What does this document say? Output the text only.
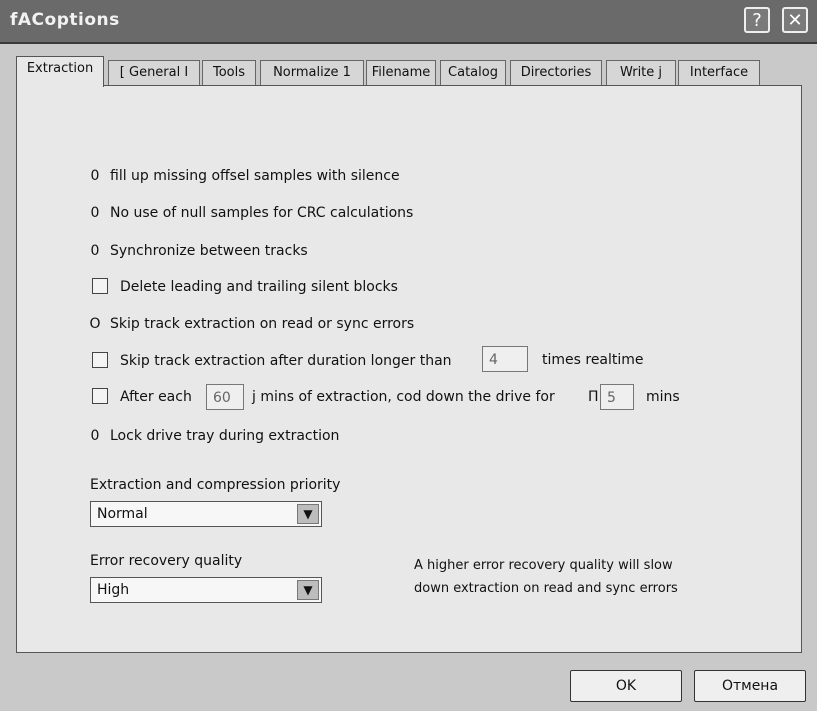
fACoptions	?	✕
Extraction	[ General I	Tools	Normalize 1	Filename	Catalog	Directories	Write j	Interface
0 fill up missing offsel samples with silence
0 No use of null samples for CRC calculations
0 Synchronize between tracks
Delete leading and trailing silent blocks
O Skip track extraction on read or sync errors
Skip track extraction after duration longer than	4	times realtime
After each	60	j mins of extraction, cod down the drive for П 5	mins
0 Lock drive tray during extraction
Extraction and compression priority
Normal	▼
Error recovery quality
High	▼
A higher error recovery quality will slow
down extraction on read and sync errors
OK	Отмена
